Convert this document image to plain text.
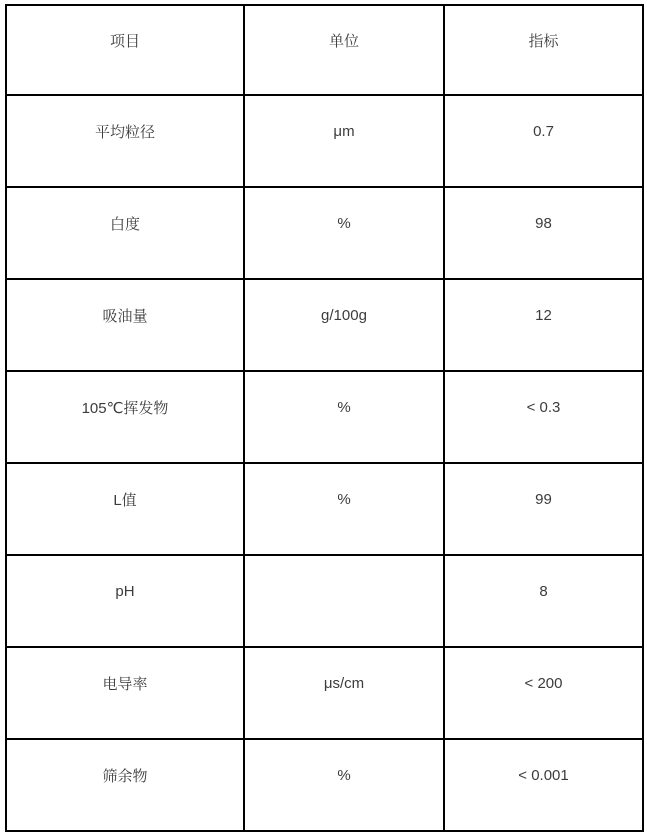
项目	单位	指标
平均粒径	μm	0.7
白度	%	98
吸油量	g/100g	12
105℃挥发物	%	< 0.3
L值	%	99
pH		8
电导率	μs/cm	< 200
筛余物	%	< 0.001
